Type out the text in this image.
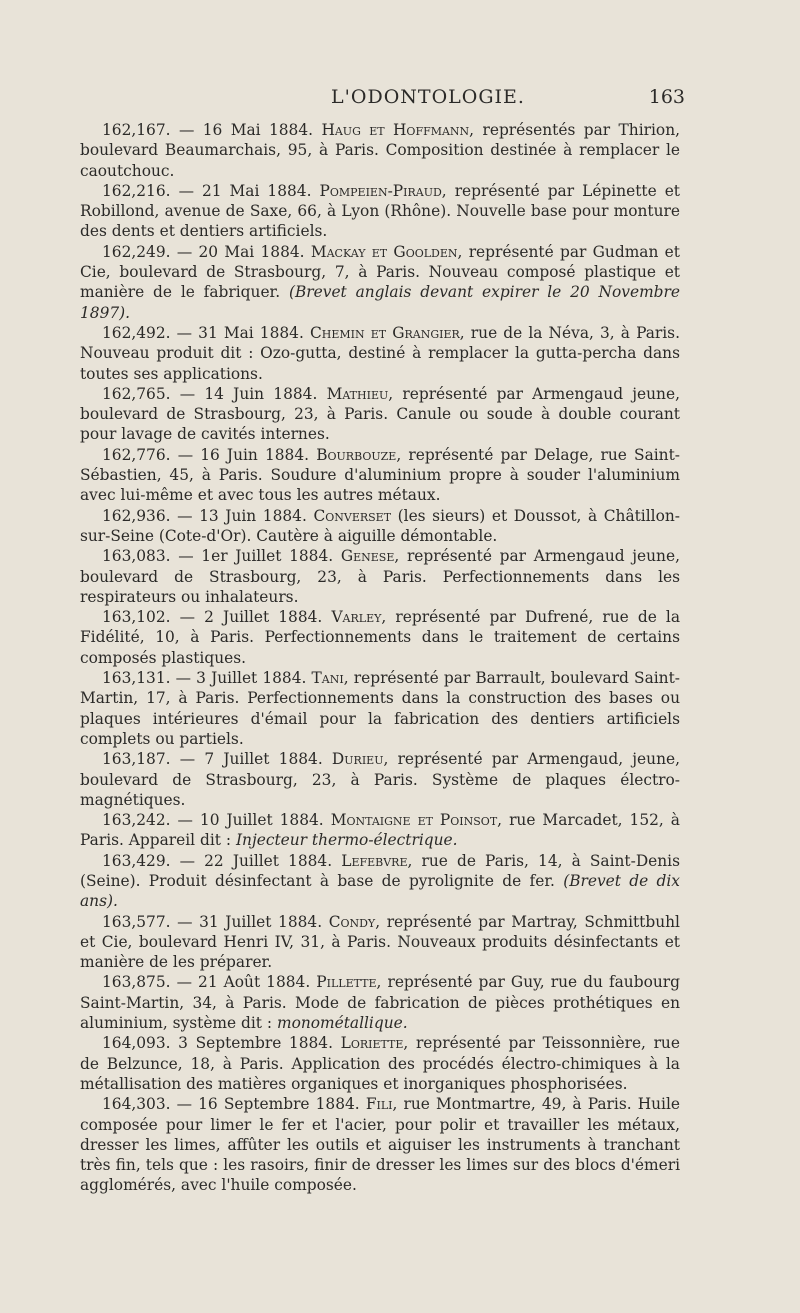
L'ODONTOLOGIE.	163

162,167. — 16 Mai 1884. Haug et Hoffmann, représentés par Thirion, boulevard Beaumarchais, 95, à Paris. Composition destinée à remplacer le caoutchouc.

162,216. — 21 Mai 1884. Pompeien-Piraud, représenté par Lépinette et Robillond, avenue de Saxe, 66, à Lyon (Rhône). Nouvelle base pour monture des dents et dentiers artificiels.

162,249. — 20 Mai 1884. Mackay et Goolden, représenté par Gudman et Cie, boulevard de Strasbourg, 7, à Paris. Nouveau composé plastique et manière de le fabriquer. (Brevet anglais devant expirer le 20 Novembre 1897).

162,492. — 31 Mai 1884. Chemin et Grangier, rue de la Néva, 3, à Paris. Nouveau produit dit : Ozo-gutta, destiné à remplacer la gutta-percha dans toutes ses applications.

162,765. — 14 Juin 1884. Mathieu, représenté par Armengaud jeune, boulevard de Strasbourg, 23, à Paris. Canule ou soude à double courant pour lavage de cavités internes.

162,776. — 16 Juin 1884. Bourbouze, représenté par Delage, rue Saint-Sébastien, 45, à Paris. Soudure d'aluminium propre à souder l'aluminium avec lui-même et avec tous les autres métaux.

162,936. — 13 Juin 1884. Converset (les sieurs) et Doussot, à Châtillon-sur-Seine (Cote-d'Or). Cautère à aiguille démontable.

163,083. — 1er Juillet 1884. Genese, représenté par Armengaud jeune, boulevard de Strasbourg, 23, à Paris. Perfectionnements dans les respirateurs ou inhalateurs.

163,102. — 2 Juillet 1884. Varley, représenté par Dufrené, rue de la Fidélité, 10, à Paris. Perfectionnements dans le traitement de certains composés plastiques.

163,131. — 3 Juillet 1884. Tani, représenté par Barrault, boulevard Saint-Martin, 17, à Paris. Perfectionnements dans la construction des bases ou plaques intérieures d'émail pour la fabrication des dentiers artificiels complets ou partiels.

163,187. — 7 Juillet 1884. Durieu, représenté par Armengaud, jeune, boulevard de Strasbourg, 23, à Paris. Système de plaques électro-magnétiques.

163,242. — 10 Juillet 1884. Montaigne et Poinsot, rue Marcadet, 152, à Paris. Appareil dit : Injecteur thermo-électrique.

163,429. — 22 Juillet 1884. Lefebvre, rue de Paris, 14, à Saint-Denis (Seine). Produit désinfectant à base de pyrolignite de fer. (Brevet de dix ans).

163,577. — 31 Juillet 1884. Condy, représenté par Martray, Schmittbuhl et Cie, boulevard Henri IV, 31, à Paris. Nouveaux produits désinfectants et manière de les préparer.

163,875. — 21 Août 1884. Pillette, représenté par Guy, rue du faubourg Saint-Martin, 34, à Paris. Mode de fabrication de pièces prothétiques en aluminium, système dit : monométallique.

164,093. 3 Septembre 1884. Loriette, représenté par Teissonnière, rue de Belzunce, 18, à Paris. Application des procédés électro-chimiques à la métallisation des matières organiques et inorganiques phosphorisées.

164,303. — 16 Septembre 1884. Fili, rue Montmartre, 49, à Paris. Huile composée pour limer le fer et l'acier, pour polir et travailler les métaux, dresser les limes, affûter les outils et aiguiser les instruments à tranchant très fin, tels que : les rasoirs, finir de dresser les limes sur des blocs d'émeri agglomérés, avec l'huile composée.
